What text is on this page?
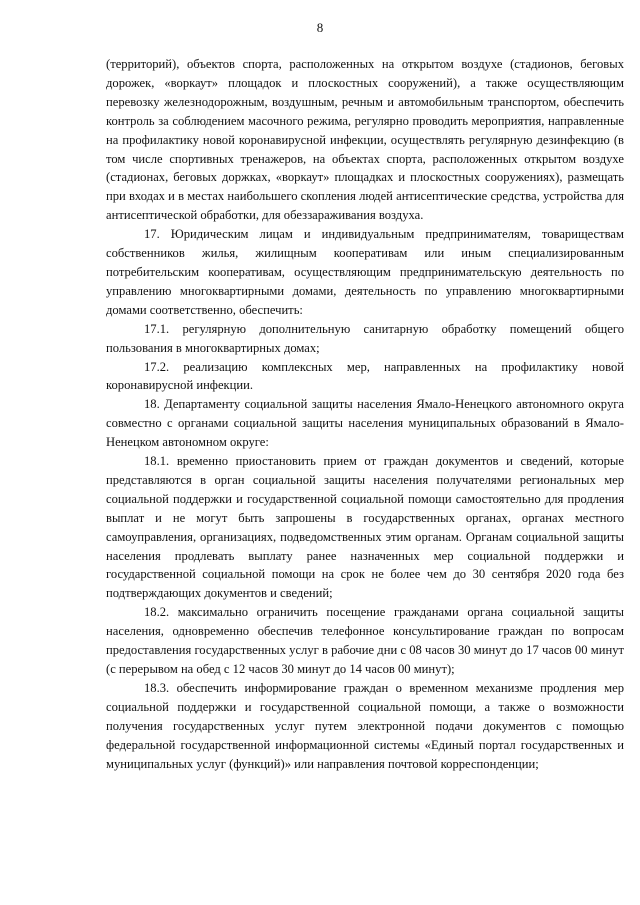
8

(территорий), объектов спорта, расположенных на открытом воздухе (стадионов, беговых дорожек, «воркаут» площадок и плоскостных сооружений), а также осуществляющим перевозку железнодорожным, воздушным, речным и автомобильным транспортом, обеспечить контроль за соблюдением масочного режима, регулярно проводить мероприятия, направленные на профилактику новой коронавирусной инфекции, осуществлять регулярную дезинфекцию (в том числе спортивных тренажеров, на объектах спорта, расположенных открытом воздухе (стадионах, беговых доржках, «воркаут» площадках и плоскостных сооружениях), размещать при входах и в местах наибольшего скопления людей антисептические средства, устройства для антисептической обработки, для обеззараживания воздуха.

17. Юридическим лицам и индивидуальным предпринимателям, товариществам собственников жилья, жилищным кооперативам или иным специализированным потребительским кооперативам, осуществляющим предпринимательскую деятельность по управлению многоквартирными домами, деятельность по управлению многоквартирными домами соответственно, обеспечить:

17.1. регулярную дополнительную санитарную обработку помещений общего пользования в многоквартирных домах;

17.2. реализацию комплексных мер, направленных на профилактику новой коронавирусной инфекции.

18. Департаменту социальной защиты населения Ямало-Ненецкого автономного округа совместно с органами социальной защиты населения муниципальных образований в Ямало-Ненецком автономном округе:

18.1. временно приостановить прием от граждан документов и сведений, которые представляются в орган социальной защиты населения получателями региональных мер социальной поддержки и государственной социальной помощи самостоятельно для продления выплат и не могут быть запрошены в государственных органах, органах местного самоуправления, организациях, подведомственных этим органам. Органам социальной защиты населения продлевать выплату ранее назначенных мер социальной поддержки и государственной социальной помощи на срок не более чем до 30 сентября 2020 года без подтверждающих документов и сведений;

18.2. максимально ограничить посещение гражданами органа социальной защиты населения, одновременно обеспечив телефонное консультирование граждан по вопросам предоставления государственных услуг в рабочие дни с 08 часов 30 минут до 17 часов 00 минут (с перерывом на обед с 12 часов 30 минут до 14 часов 00 минут);

18.3. обеспечить информирование граждан о временном механизме продления мер социальной поддержки и государственной социальной помощи, а также о возможности получения государственных услуг путем электронной подачи документов с помощью федеральной государственной информационной системы «Единый портал государственных и муниципальных услуг (функций)» или направления почтовой корреспонденции;
